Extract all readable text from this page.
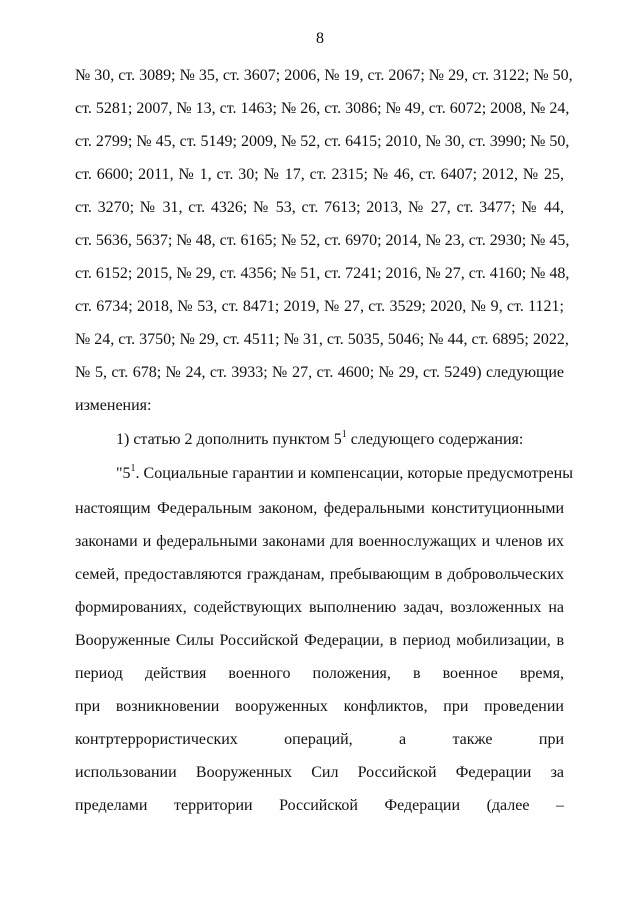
8
№ 30, ст. 3089; № 35, ст. 3607; 2006, № 19, ст. 2067; № 29, ст. 3122; № 50,
ст. 5281; 2007, № 13, ст. 1463; № 26, ст. 3086; № 49, ст. 6072; 2008, № 24,
ст. 2799; № 45, ст. 5149; 2009, № 52, ст. 6415; 2010, № 30, ст. 3990; № 50,
ст. 6600; 2011, № 1, ст. 30; № 17, ст. 2315; № 46, ст. 6407; 2012, № 25,
ст. 3270; № 31, ст. 4326; № 53, ст. 7613; 2013, № 27, ст. 3477; № 44,
ст. 5636, 5637; № 48, ст. 6165; № 52, ст. 6970; 2014, № 23, ст. 2930; № 45,
ст. 6152; 2015, № 29, ст. 4356; № 51, ст. 7241; 2016, № 27, ст. 4160; № 48,
ст. 6734; 2018, № 53, ст. 8471; 2019, № 27, ст. 3529; 2020, № 9, ст. 1121;
№ 24, ст. 3750; № 29, ст. 4511; № 31, ст. 5035, 5046; № 44, ст. 6895; 2022,
№ 5, ст. 678; № 24, ст. 3933; № 27, ст. 4600; № 29, ст. 5249) следующие
изменения:
1) статью 2 дополнить пунктом $5^1$ следующего содержания:
"$5^1$. Социальные гарантии и компенсации, которые предусмотрены
настоящим Федеральным законом, федеральными конституционными
законами и федеральными законами для военнослужащих и членов их
семей, предоставляются гражданам, пребывающим в добровольческих
формированиях, содействующих выполнению задач, возложенных на
Вооруженные Силы Российской Федерации, в период мобилизации, в
период действия военного положения, в военное время,
при возникновении вооруженных конфликтов, при проведении
контртеррористических операций, а также при
использовании Вооруженных Сил Российской Федерации за
пределами территории Российской Федерации (далее –
